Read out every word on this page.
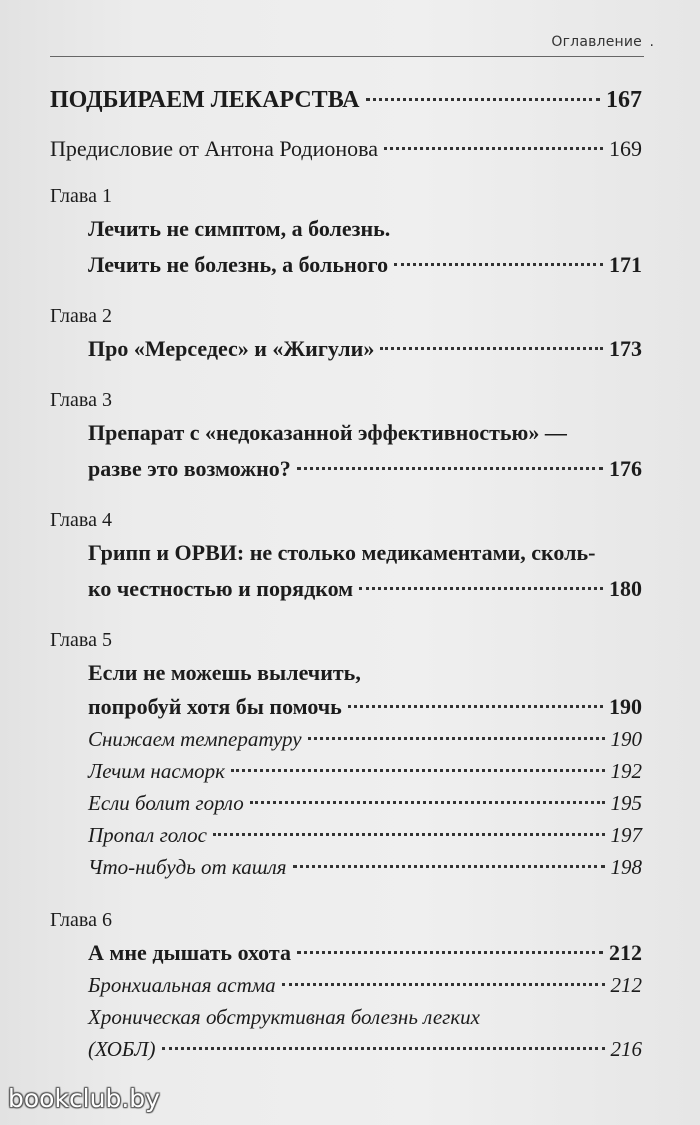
Оглавление .
ПОДБИРАЕМ ЛЕКАРСТВА	167
Предисловие от Антона Родионова	169
Глава 1
Лечить не симптом, а болезнь.
Лечить не болезнь, а больного	171
Глава 2
Про «Мерседес» и «Жигули»	173
Глава 3
Препарат с «недоказанной эффективностью» —
разве это возможно?	176
Глава 4
Грипп и ОРВИ: не столько медикаментами, сколь-
ко честностью и порядком	180
Глава 5
Если не можешь вылечить,
попробуй хотя бы помочь	190
Снижаем температуру	190
Лечим насморк	192
Если болит горло	195
Пропал голос	197
Что-нибудь от кашля	198
Глава 6
А мне дышать охота	212
Бронхиальная астма	212
Хроническая обструктивная болезнь легких
(ХОБЛ)	216
bookclub.by
